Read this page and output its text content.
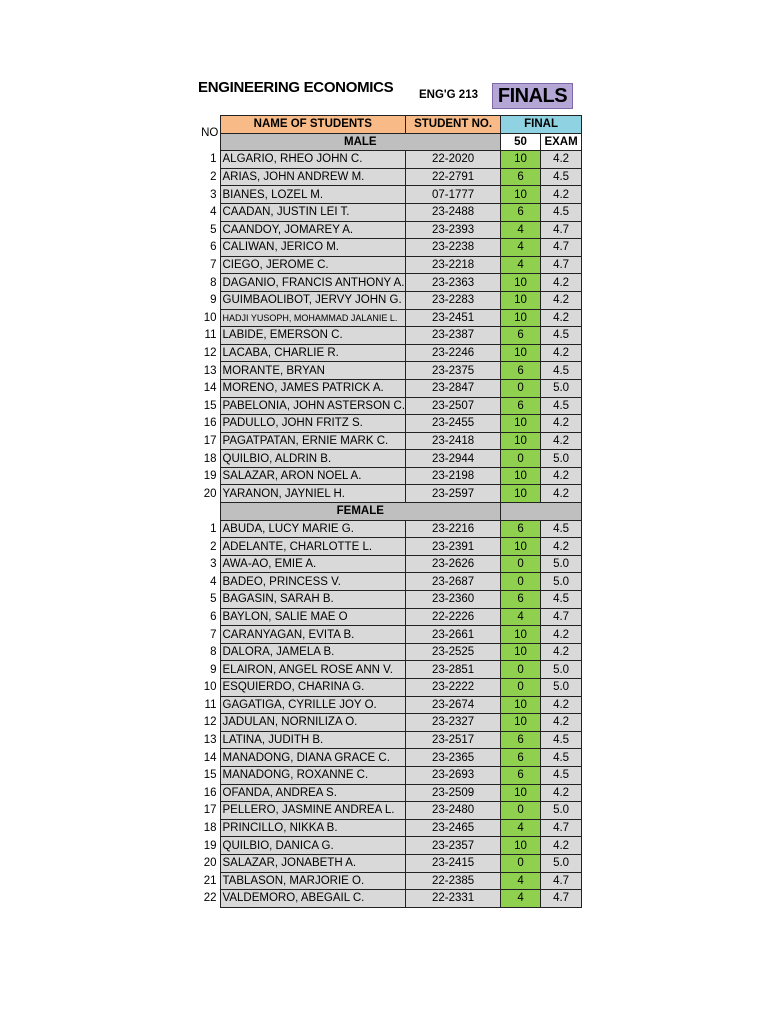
ENGINEERING ECONOMICS ENG'G 213 FINALS
NO	NAME OF STUDENTS	STUDENT NO.	FINAL	
	MALE		50	EXAM
1	ALGARIO, RHEO JOHN C.	22-2020	10	4.2
2	ARIAS, JOHN ANDREW M.	22-2791	6	4.5
3	BIANES, LOZEL M.	07-1777	10	4.2
4	CAADAN, JUSTIN LEI T.	23-2488	6	4.5
5	CAANDOY, JOMAREY A.	23-2393	4	4.7
6	CALIWAN, JERICO M.	23-2238	4	4.7
7	CIEGO, JEROME C.	23-2218	4	4.7
8	DAGANIO, FRANCIS ANTHONY A.	23-2363	10	4.2
9	GUIMBAOLIBOT, JERVY JOHN G.	23-2283	10	4.2
10	HADJI YUSOPH, MOHAMMAD JALANIE L.	23-2451	10	4.2
11	LABIDE, EMERSON C.	23-2387	6	4.5
12	LACABA, CHARLIE R.	23-2246	10	4.2
13	MORANTE, BRYAN	23-2375	6	4.5
14	MORENO, JAMES PATRICK A.	23-2847	0	5.0
15	PABELONIA, JOHN ASTERSON C.	23-2507	6	4.5
16	PADULLO, JOHN FRITZ S.	23-2455	10	4.2
17	PAGATPATAN, ERNIE MARK C.	23-2418	10	4.2
18	QUILBIO, ALDRIN B.	23-2944	0	5.0
19	SALAZAR, ARON NOEL A.	23-2198	10	4.2
20	YARANON, JAYNIEL H.	23-2597	10	4.2
	FEMALE			
1	ABUDA, LUCY MARIE G.	23-2216	6	4.5
2	ADELANTE, CHARLOTTE L.	23-2391	10	4.2
3	AWA-AO, EMIE A.	23-2626	0	5.0
4	BADEO, PRINCESS V.	23-2687	0	5.0
5	BAGASIN, SARAH B.	23-2360	6	4.5
6	BAYLON, SALIE MAE O	22-2226	4	4.7
7	CARANYAGAN, EVITA B.	23-2661	10	4.2
8	DALORA, JAMELA B.	23-2525	10	4.2
9	ELAIRON, ANGEL ROSE ANN V.	23-2851	0	5.0
10	ESQUIERDO, CHARINA G.	23-2222	0	5.0
11	GAGATIGA, CYRILLE JOY O.	23-2674	10	4.2
12	JADULAN, NORNILIZA O.	23-2327	10	4.2
13	LATINA, JUDITH B.	23-2517	6	4.5
14	MANADONG, DIANA GRACE C.	23-2365	6	4.5
15	MANADONG, ROXANNE C.	23-2693	6	4.5
16	OFANDA, ANDREA S.	23-2509	10	4.2
17	PELLERO, JASMINE ANDREA L.	23-2480	0	5.0
18	PRINCILLO, NIKKA B.	23-2465	4	4.7
19	QUILBIO, DANICA G.	23-2357	10	4.2
20	SALAZAR, JONABETH A.	23-2415	0	5.0
21	TABLASON, MARJORIE O.	22-2385	4	4.7
22	VALDEMORO, ABEGAIL C.	22-2331	4	4.7
